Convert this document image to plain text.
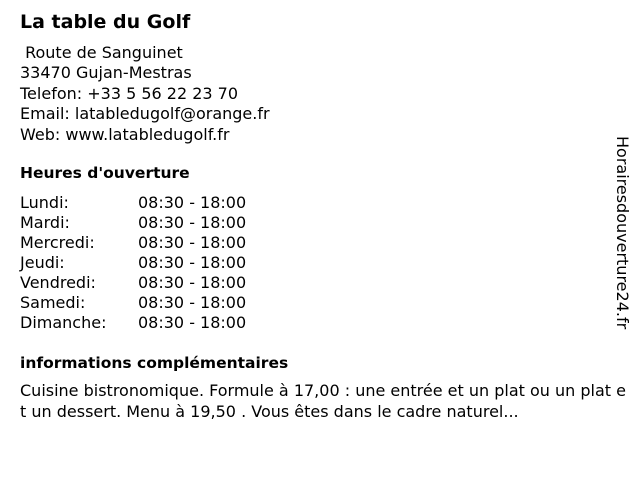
La table du Golf
Route de Sanguinet
33470 Gujan-Mestras
Telefon: +33 5 56 22 23 70
Email: latabledugolf@orange.fr
Web: www.latabledugolf.fr
Heures d'ouverture
Lundi:	08:30 - 18:00
Mardi:	08:30 - 18:00
Mercredi:	08:30 - 18:00
Jeudi:	08:30 - 18:00
Vendredi:	08:30 - 18:00
Samedi:	08:30 - 18:00
Dimanche: 08:30 - 18:00
informations complémentaires
Cuisine bistronomique. Formule à 17,00 : une entrée et un plat ou un plat et un dessert. Menu à 19,50 . Vous êtes dans le cadre naturel...
Horairesdouverture24.fr
